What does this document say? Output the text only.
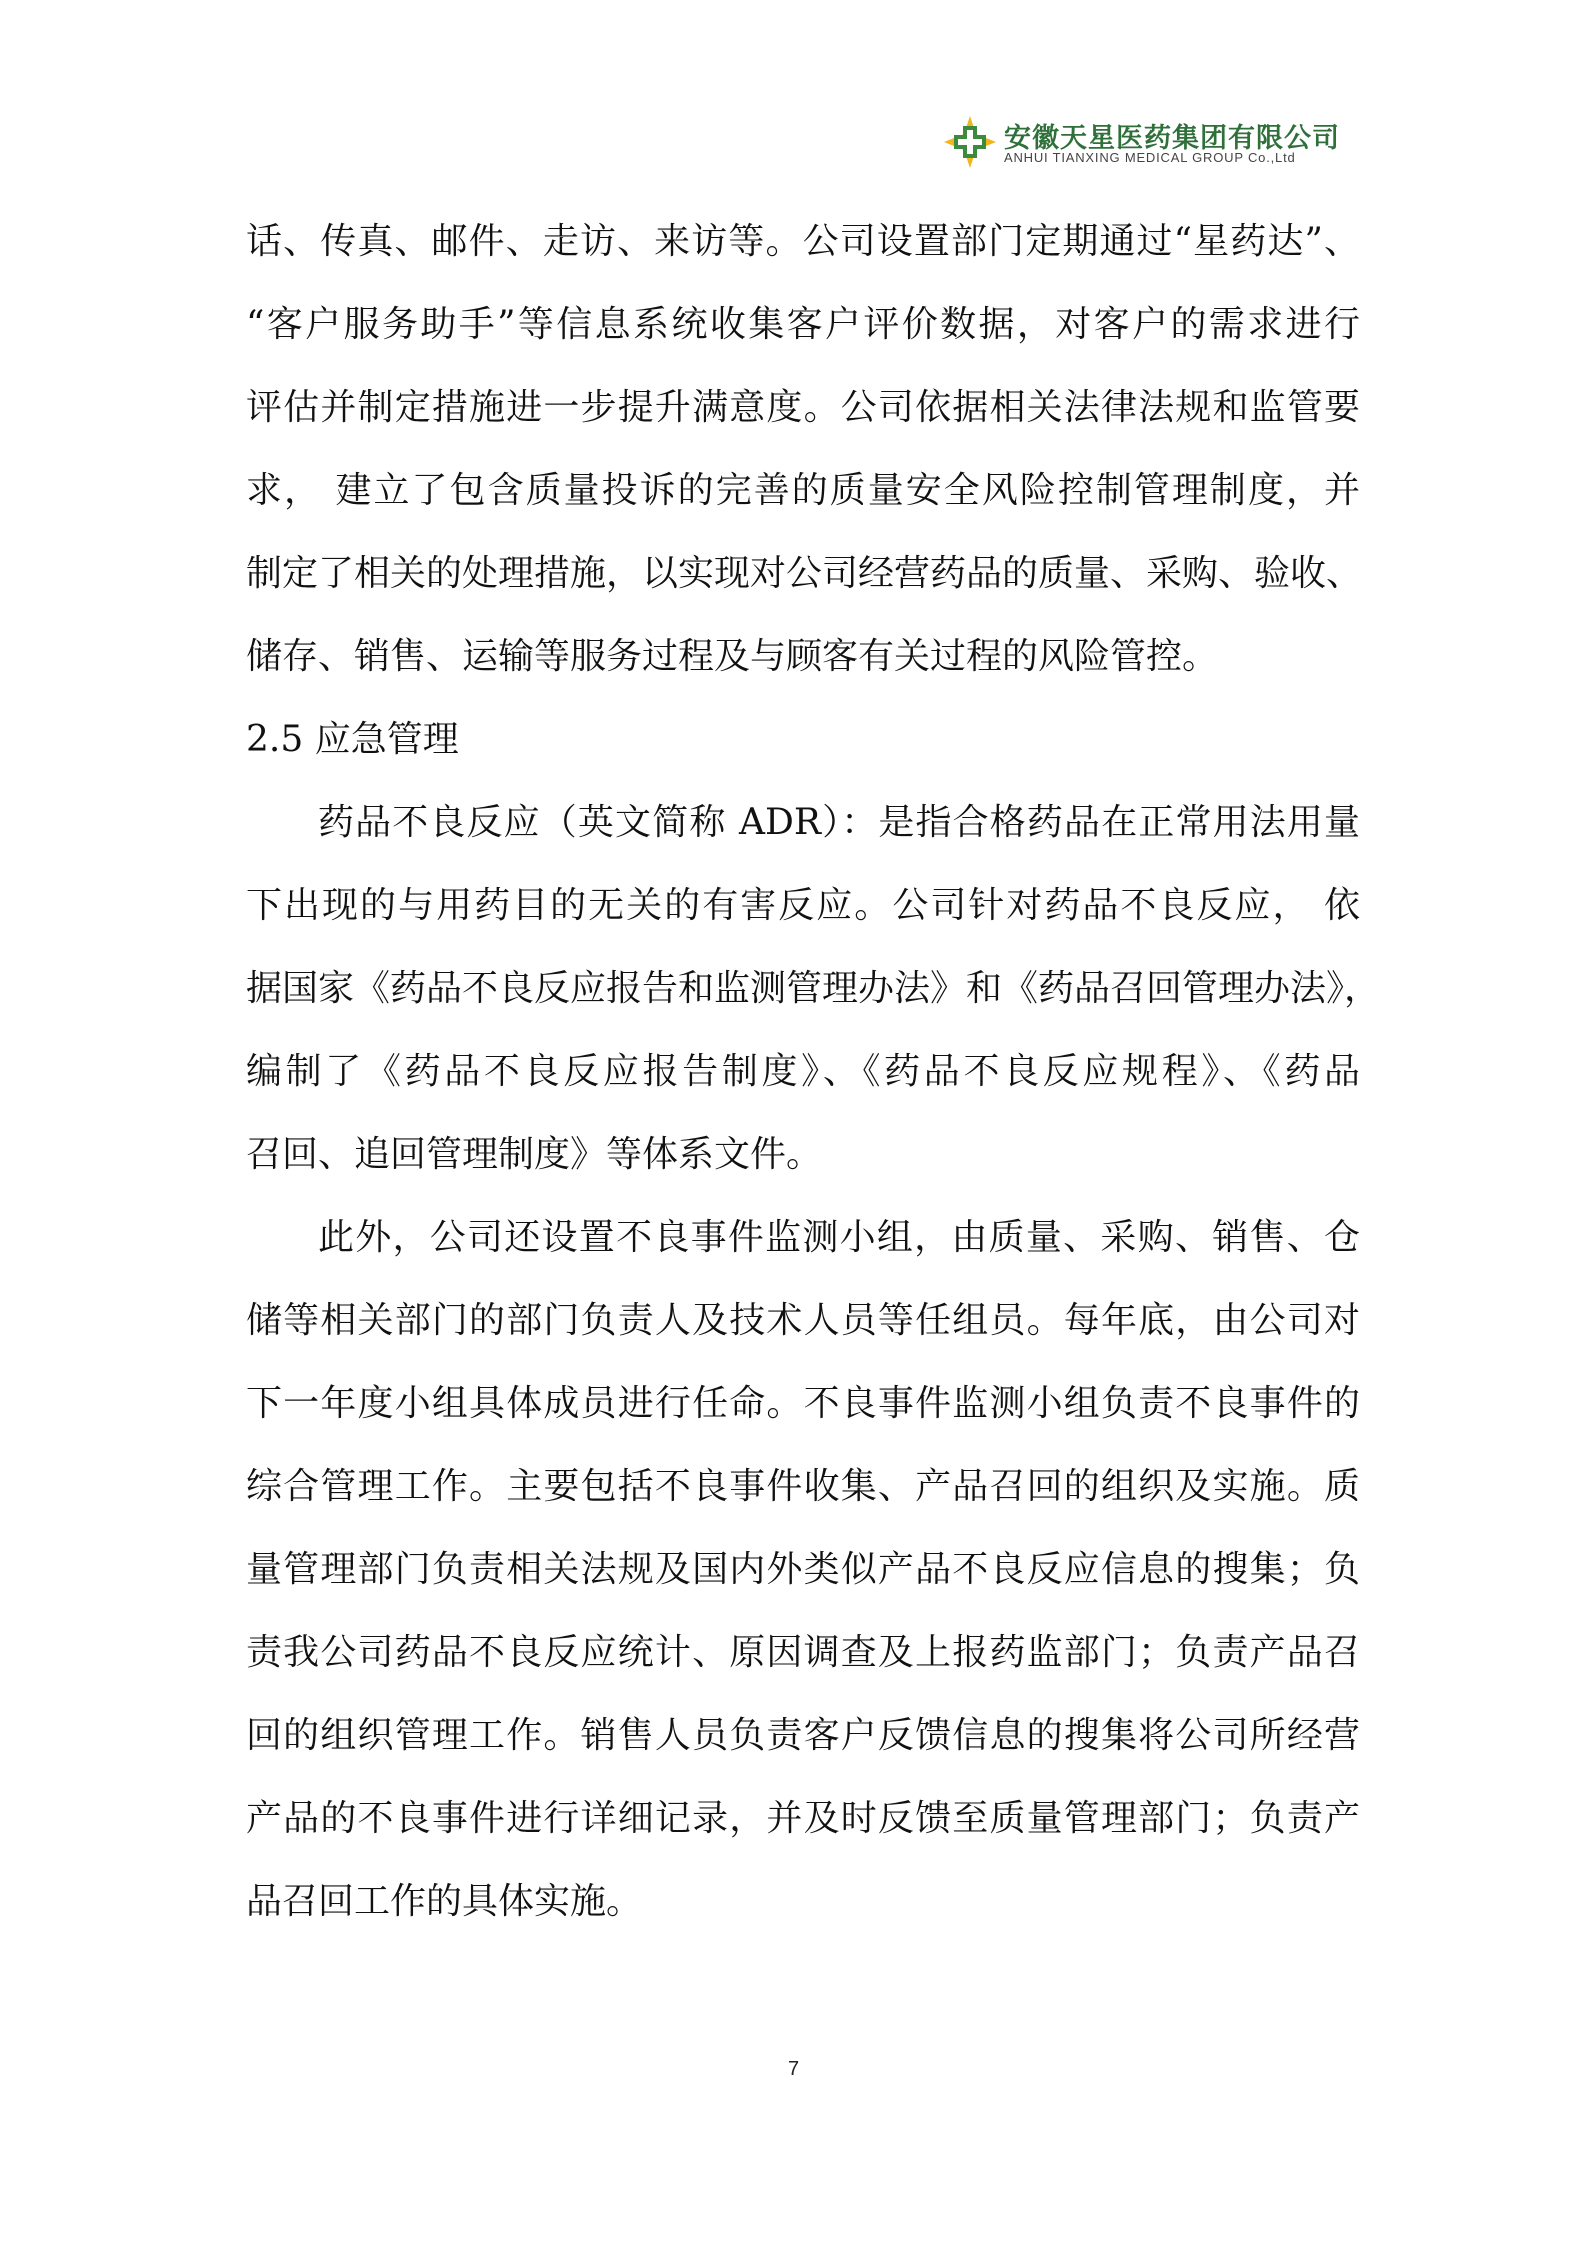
安徽天星医药集团有限公司
ANHUI TIANXING MEDICAL GROUP Co.,Ltd
话、传真、邮件、走访、来访等。公司设置部门定期通过“星药达”、
“客户服务助手”等信息系统收集客户评价数据，对客户的需求进行
评估并制定措施进一步提升满意度。公司依据相关法律法规和监管要
求， 建立了包含质量投诉的完善的质量安全风险控制管理制度，并
制定了相关的处理措施，以实现对公司经营药品的质量、采购、验收、
储存、销售、运输等服务过程及与顾客有关过程的风险管控。
2.5 应急管理
药品不良反应（英文简称 ADR）：是指合格药品在正常用法用量
下出现的与用药目的无关的有害反应。公司针对药品不良反应， 依
据国家《药品不良反应报告和监测管理办法》和《药品召回管理办法》，
编制了《药品不良反应报告制度》、《药品不良反应规程》、《药品
召回、追回管理制度》等体系文件。
此外，公司还设置不良事件监测小组，由质量、采购、销售、仓
储等相关部门的部门负责人及技术人员等任组员。每年底，由公司对
下一年度小组具体成员进行任命。不良事件监测小组负责不良事件的
综合管理工作。主要包括不良事件收集、产品召回的组织及实施。质
量管理部门负责相关法规及国内外类似产品不良反应信息的搜集；负
责我公司药品不良反应统计、原因调查及上报药监部门；负责产品召
回的组织管理工作。销售人员负责客户反馈信息的搜集将公司所经营
产品的不良事件进行详细记录，并及时反馈至质量管理部门；负责产
品召回工作的具体实施。
7
